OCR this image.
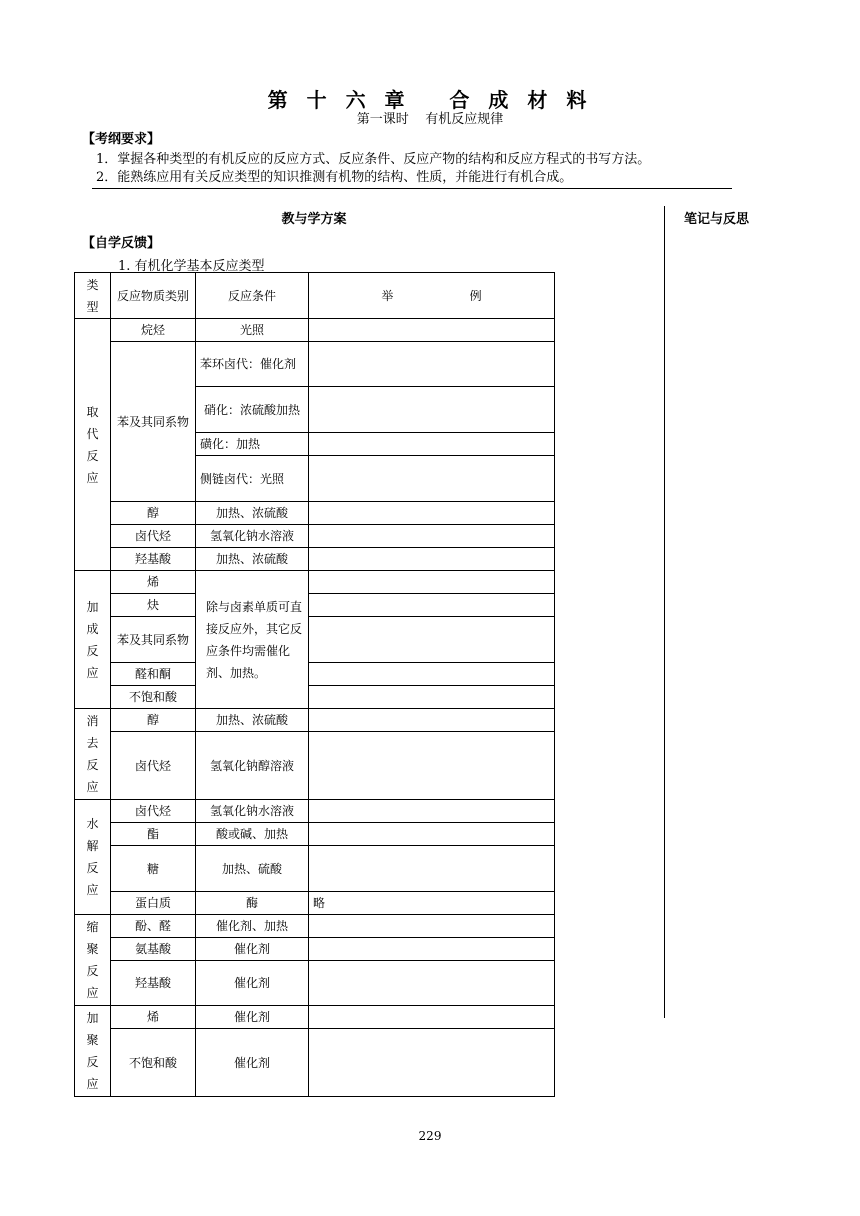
第 十 六 章   合 成 材 料
第一课时    有机反应规律
【考纲要求】
1．掌握各种类型的有机反应的反应方式、反应条件、反应产物的结构和反应方程式的书写方法。
2．能熟练应用有关反应类型的知识推测有机物的结构、性质，并能进行有机合成。
教与学方案	笔记与反思
【自学反馈】
1. 有机化学基本反应类型
类型	反应物质类别	反应条件	举                    例
取代反应	烷烃	光照	
	苯及其同系物	苯环卤代：催化剂	
		硝化：浓硫酸加热	
		磺化：加热	
		侧链卤代：光照	
	醇	加热、浓硫酸	
	卤代烃	氢氧化钠水溶液	
	羟基酸	加热、浓硫酸	
加成反应	烯	除与卤素单质可直接反应外，其它反应条件均需催化剂、加热。	
	炔		
	苯及其同系物		
	醛和酮		
	不饱和酸		
消去反应	醇	加热、浓硫酸	
	卤代烃	氢氧化钠醇溶液	
水解反应	卤代烃	氢氧化钠水溶液	
	酯	酸或碱、加热	
	糖	加热、硫酸	
	蛋白质	酶	略
缩聚反应	酚、醛	催化剂、加热	
	氨基酸	催化剂	
	羟基酸	催化剂	
加聚反应	烯	催化剂	
	不饱和酸	催化剂	
229
